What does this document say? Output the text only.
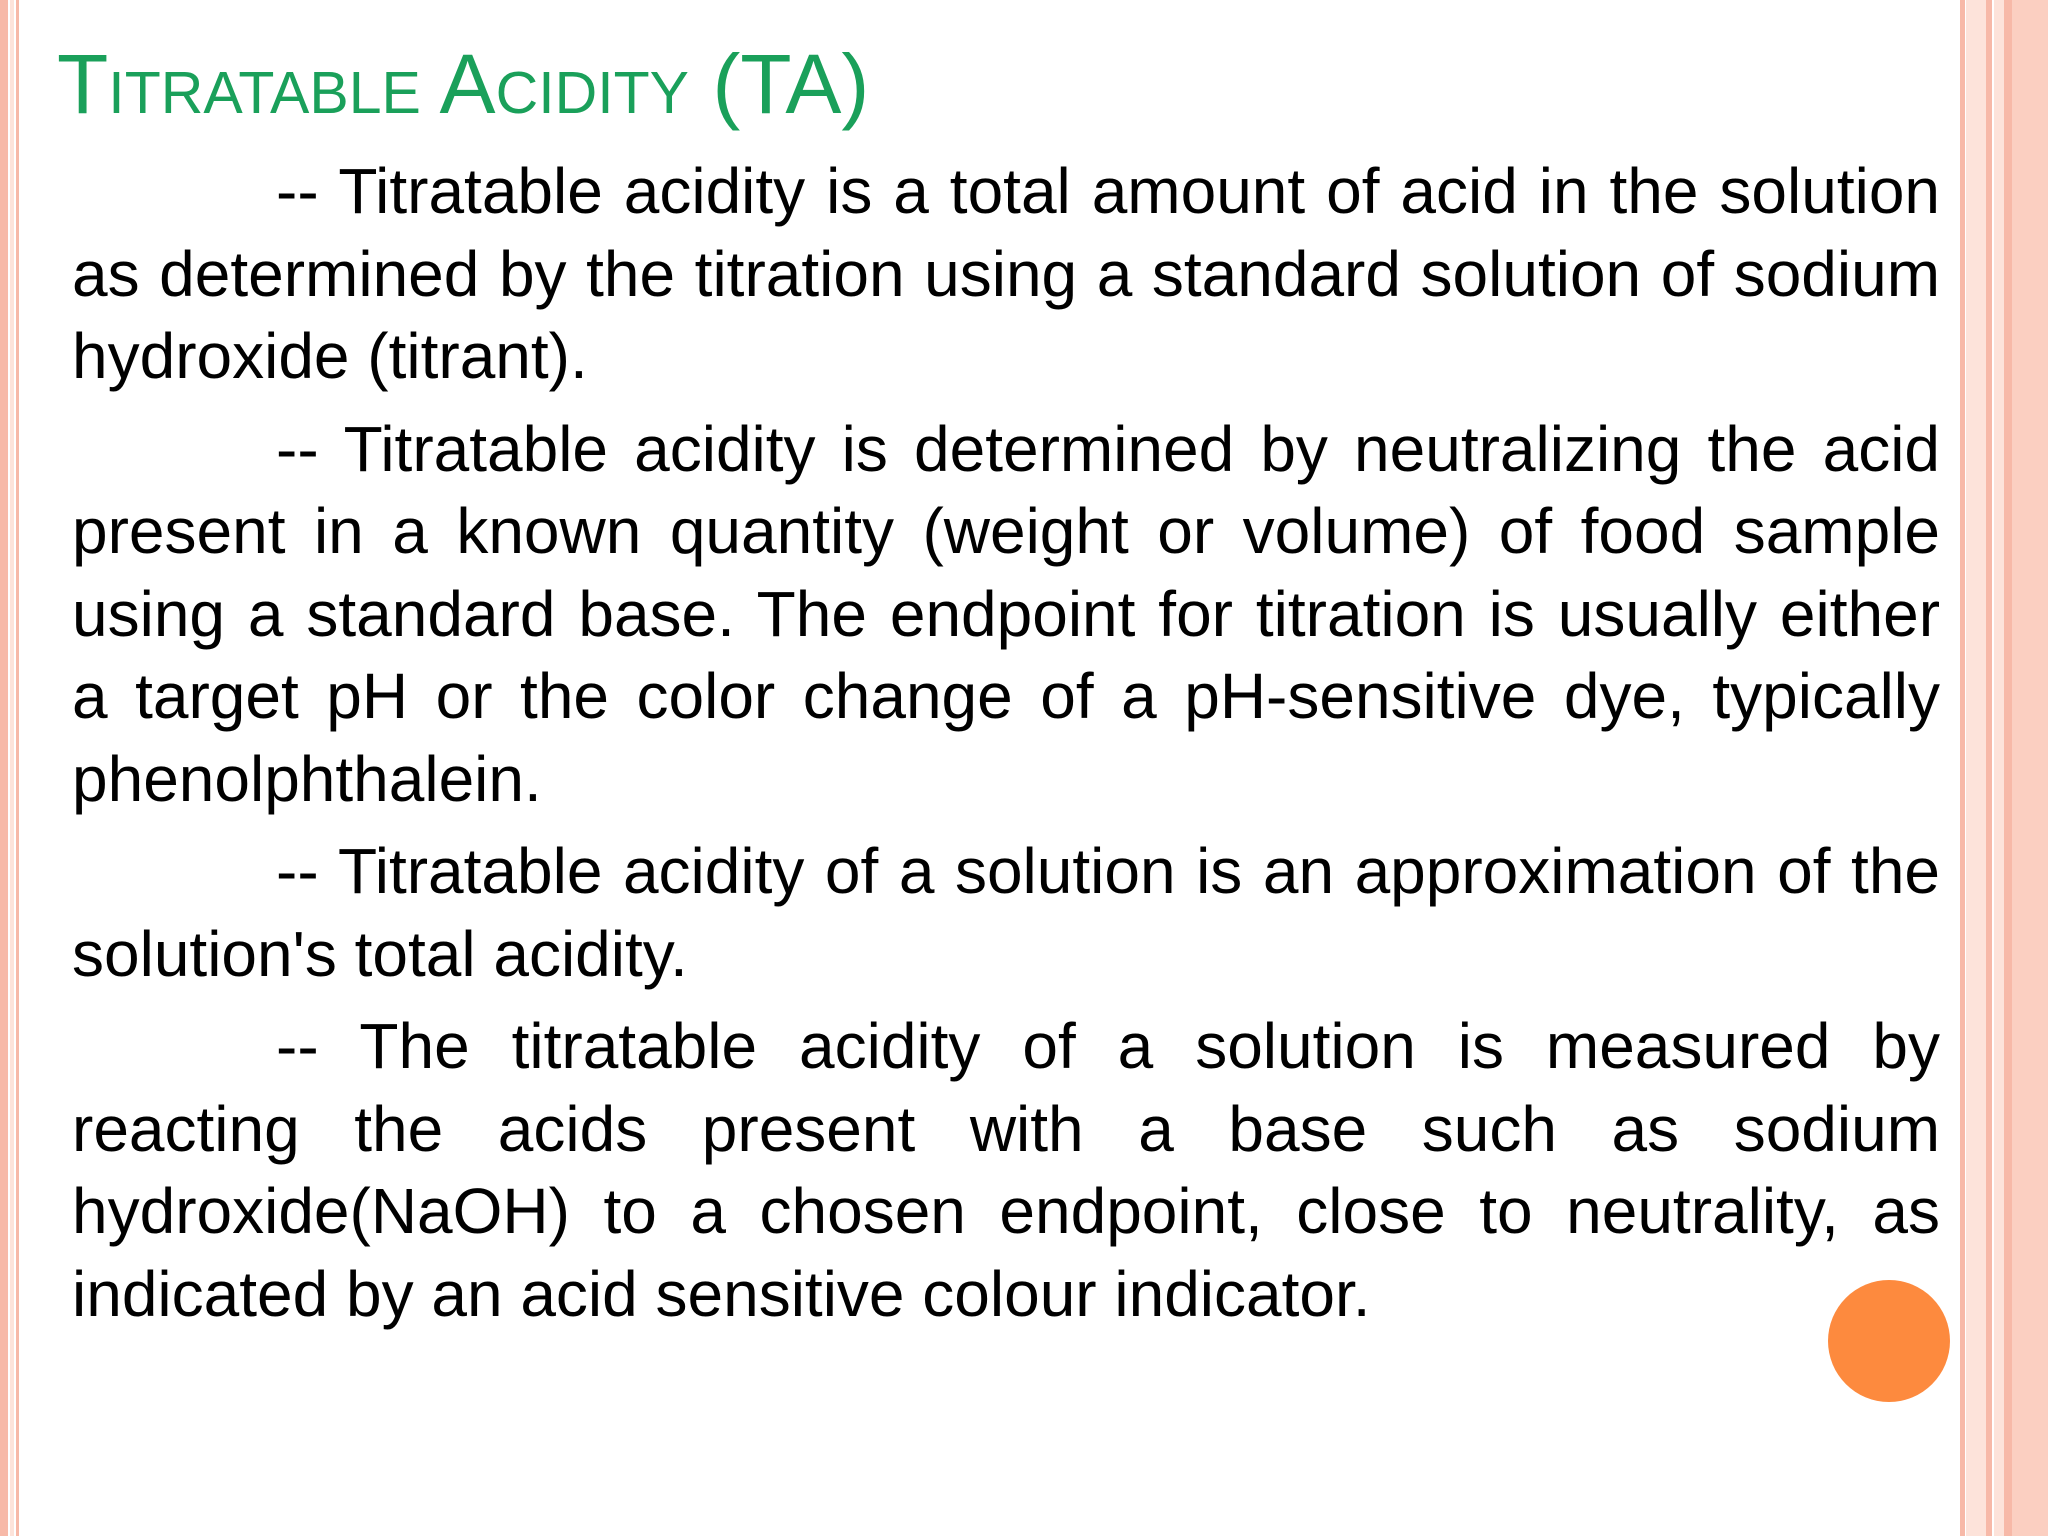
Titratable Acidity (TA)

-- Titratable acidity is a total amount of acid in the solution as determined by the titration using a standard solution of sodium hydroxide (titrant).

-- Titratable acidity is determined by neutralizing the acid present in a known quantity (weight or volume) of food sample using a standard base. The endpoint for titration is usually either a target pH or the color change of a pH-sensitive dye, typically phenolphthalein.

-- Titratable acidity of a solution is an approximation of the solution's total acidity.

-- The titratable acidity of a solution is measured by reacting the acids present with a base such as sodium hydroxide(NaOH) to a chosen endpoint, close to neutrality, as indicated by an acid sensitive colour indicator.
